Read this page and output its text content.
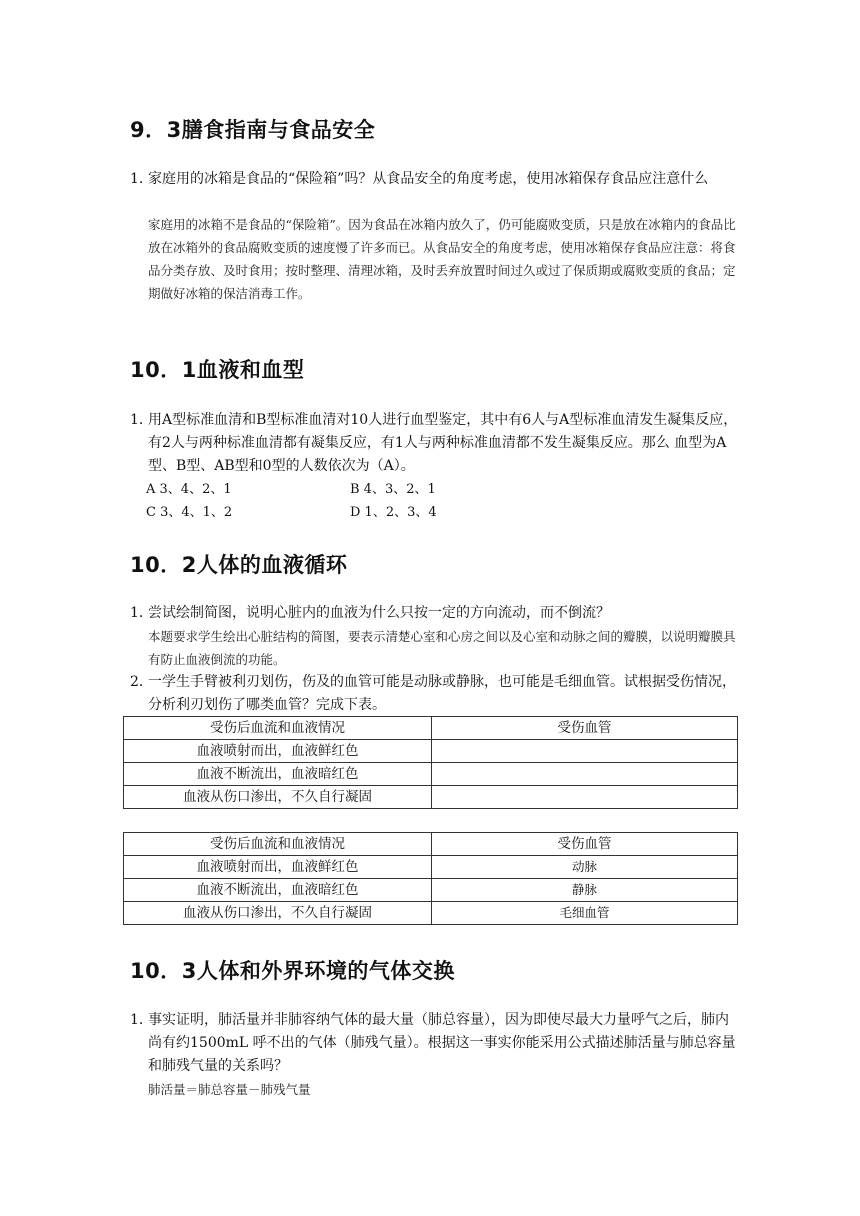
9．3膳食指南与食品安全
1．
家庭用的冰箱是食品的“保险箱”吗？从食品安全的角度考虑，使用冰箱保存食品应注意什么
家庭用的冰箱不是食品的“保险箱”。因为食品在冰箱内放久了，仍可能腐败变质，只是放在冰箱内的食品比放在冰箱外的食品腐败变质的速度慢了许多而已。从食品安全的角度考虑，使用冰箱保存食品应注意：将食品分类存放、及时食用；按时整理、清理冰箱，及时丢弃放置时间过久或过了保质期或腐败变质的食品；定期做好冰箱的保洁消毒工作。
10．1血液和血型
1．
用A型标准血清和B型标准血清对10人进行血型鉴定，其中有6人与A型标准血清发生凝集反应，有2人与两种标准血清都有凝集反应，有1人与两种标准血清都不发生凝集反应。那么 血型为A型、B型、AB型和0型的人数依次为（A）。
A 3、4、2、1	B 4、3、2、1
C 3、4、1、2	D 1、2、3、4
10．2人体的血液循环
1．
尝试绘制简图，说明心脏内的血液为什么只按一定的方向流动，而不倒流？
本题要求学生绘出心脏结构的简图，要表示清楚心室和心房之间以及心室和动脉之间的瓣膜，以说明瓣膜具有防止血液倒流的功能。
2．
一学生手臂被利刃划伤，伤及的血管可能是动脉或静脉，也可能是毛细血管。试根据受伤情况，分析利刃划伤了哪类血管？完成下表。
受伤后血流和血液情况	受伤血管
血液喷射而出，血液鲜红色	
血液不断流出，血液暗红色	
血液从伤口渗出，不久自行凝固	
受伤后血流和血液情况	受伤血管
血液喷射而出，血液鲜红色	动脉
血液不断流出，血液暗红色	静脉
血液从伤口渗出，不久自行凝固	毛细血管
10．3人体和外界环境的气体交换
1．
事实证明，肺活量并非肺容纳气体的最大量（肺总容量），因为即使尽最大力量呼气之后，肺内尚有约1500mL 呼不出的气体（肺残气量）。根据这一事实你能采用公式描述肺活量与肺总容量和肺残气量的关系吗？
肺活量＝肺总容量－肺残气量
